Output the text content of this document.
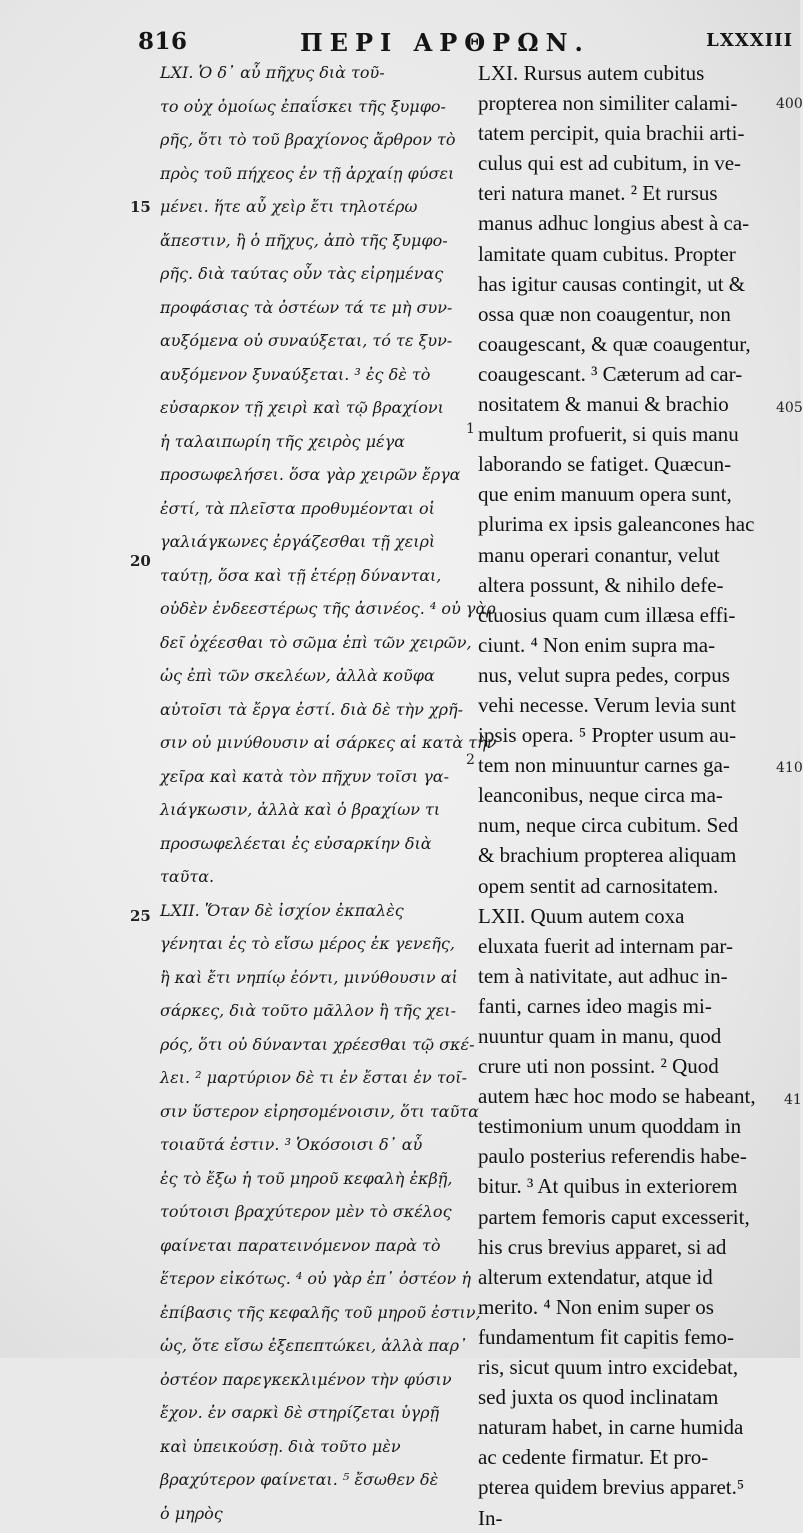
816	ΠΕΡΙ ΑΡΘΡΩΝ.	LXXXIII
LXI. Ὁ δ᾽ αὖ πῆχυς διὰ τοῦ-
το οὐχ ὁμοίως ἐπαΐσκει τῆς ξυμφο-
ρῆς, ὅτι τὸ τοῦ βραχίονος ἄρθρον τὸ
πρὸς τοῦ πήχεος ἐν τῇ ἀρχαίῃ φύσει
μένει. ἥτε αὖ χεὶρ ἔτι τηλοτέρω
ἄπεστιν, ἢ ὁ πῆχυς, ἀπὸ τῆς ξυμφο-
ρῆς. διὰ ταύτας οὖν τὰς εἰρημένας
προφάσιας τὰ ὀστέων τά τε μὴ συν-
αυξόμενα οὐ συναύξεται, τό τε ξυν-
αυξόμενον ξυναύξεται. ³ ἐς δὲ τὸ
εὐσαρκον τῇ χειρὶ καὶ τῷ βραχίονι
ἡ ταλαιπωρίη τῆς χειρὸς μέγα
προσωφελήσει. ὅσα γὰρ χειρῶν ἔργα
ἐστί, τὰ πλεῖστα προθυμέονται οἱ
γαλιάγκωνες ἐργάζεσθαι τῇ χειρὶ
ταύτῃ, ὅσα καὶ τῇ ἑτέρῃ δύνανται,
οὐδὲν ἐνδεεστέρως τῆς ἀσινέος. ⁴ οὐ γὰρ
δεῖ ὀχέεσθαι τὸ σῶμα ἐπὶ τῶν χειρῶν,
ὡς ἐπὶ τῶν σκελέων, ἀλλὰ κοῦφα
αὐτοῖσι τὰ ἔργα ἐστί. διὰ δὲ τὴν χρῆ-
σιν οὐ μινύθουσιν αἱ σάρκες αἱ κατὰ τὴν
χεῖρα καὶ κατὰ τὸν πῆχυν τοῖσι γα-
λιάγκωσιν, ἀλλὰ καὶ ὁ βραχίων τι
προσωφελέεται ἐς εὐσαρκίην διὰ
ταῦτα.
LXII. Ὅταν δὲ ἰσχίον ἐκπαλὲς
γένηται ἐς τὸ εἴσω μέρος ἐκ γενεῆς,
ἢ καὶ ἔτι νηπίῳ ἐόντι, μινύθουσιν αἱ
σάρκες, διὰ τοῦτο μᾶλλον ἢ τῆς χει-
ρός, ὅτι οὐ δύνανται χρέεσθαι τῷ σκέ-
λει. ² μαρτύριον δὲ τι ἐν ἔσται ἐν τοῖ-
σιν ὕστερον εἰρησομένοισιν, ὅτι ταῦτα
τοιαῦτά ἐστιν. ³ Ὁκόσοισι δ᾽ αὖ
ἐς τὸ ἔξω ἡ τοῦ μηροῦ κεφαλὴ ἐκβῇ,
τούτοισι βραχύτερον μὲν τὸ σκέλος
φαίνεται παρατεινόμενον παρὰ τὸ
ἕτερον εἰκότως. ⁴ οὐ γὰρ ἐπ᾽ ὀστέον ἡ
ἐπίβασις τῆς κεφαλῆς τοῦ μηροῦ ἐστιν,
ὡς, ὅτε εἴσω ἐξεπεπτώκει, ἀλλὰ παρ᾽
ὀστέον παρεγκεκλιμένον τὴν φύσιν
ἔχον. ἐν σαρκὶ δὲ στηρίζεται ὑγρῇ
καὶ ὑπεικούσῃ. διὰ τοῦτο μὲν
βραχύτερον φαίνεται. ⁵ ἔσωθεν δὲ
ὁ μηρὸς
LXI. Rursus autem cubitus
propterea non similiter calami-
tatem percipit, quia brachii arti-
culus qui est ad cubitum, in ve-
teri natura manet. ² Et rursus
manus adhuc longius abest à ca-
lamitate quam cubitus. Propter
has igitur causas contingit, ut &
ossa quæ non coaugentur, non
coaugescant, & quæ coaugentur,
coaugescant. ³ Cæterum ad car-
nositatem & manui & brachio
multum profuerit, si quis manu
laborando se fatiget. Quæcun-
que enim manuum opera sunt,
plurima ex ipsis galeancones hac
manu operari conantur, velut
altera possunt, & nihilo defe-
ctuosius quam cum illæsa effi-
ciunt. ⁴ Non enim supra ma-
nus, velut supra pedes, corpus
vehi necesse. Verum levia sunt
ipsis opera. ⁵ Propter usum au-
tem non minuuntur carnes ga-
leanconibus, neque circa ma-
num, neque circa cubitum. Sed
& brachium propterea aliquam
opem sentit ad carnositatem.
LXII. Quum autem coxa
eluxata fuerit ad internam par-
tem à nativitate, aut adhuc in-
fanti, carnes ideo magis mi-
nuuntur quam in manu, quod
crure uti non possint. ² Quod
autem hæc hoc modo se habeant,
testimonium unum quoddam in
paulo posterius referendis habe-
bitur. ³ At quibus in exteriorem
partem femoris caput excesserit,
his crus brevius apparet, si ad
alterum extendatur, atque id
merito. ⁴ Non enim super os
fundamentum fit capitis femo-
ris, sicut quum intro excidebat,
sed juxta os quod inclinatam
naturam habet, in carne humida
ac cedente firmatur. Et pro-
pterea quidem brevius apparet.⁵
In-
15
20
25
1
2
400
405
410
41
